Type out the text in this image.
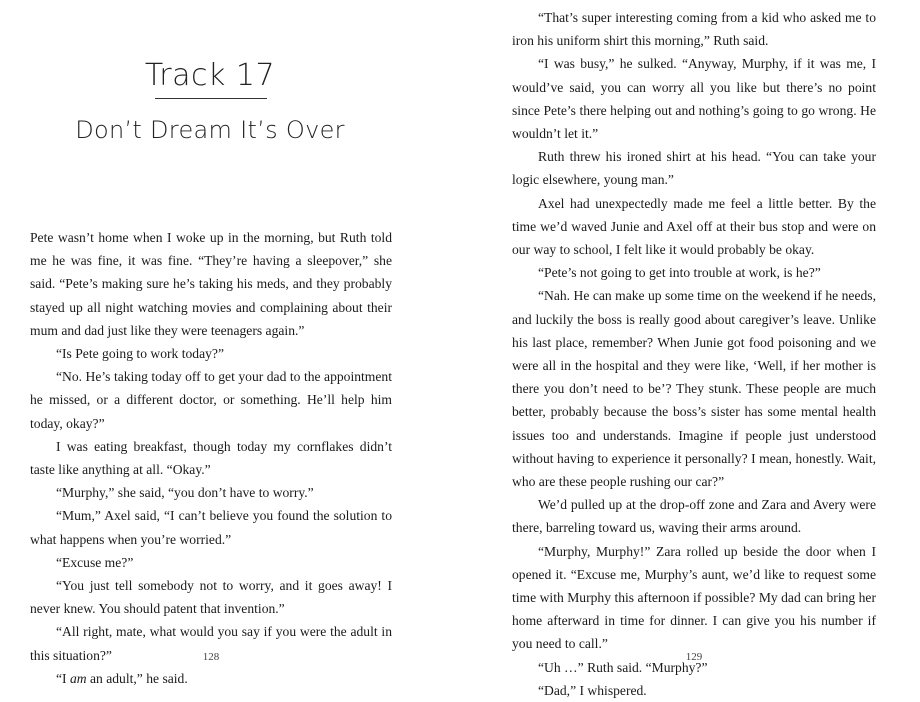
Track 17
Don’t Dream It’s Over

Pete wasn’t home when I woke up in the morning, but Ruth told me he was fine, it was fine. “They’re having a sleepover,” she said. “Pete’s making sure he’s taking his meds, and they probably stayed up all night watching movies and complaining about their mum and dad just like they were teenagers again.”

“Is Pete going to work today?”

“No. He’s taking today off to get your dad to the appointment he missed, or a different doctor, or something. He’ll help him today, okay?”

I was eating breakfast, though today my cornflakes didn’t taste like anything at all. “Okay.”

“Murphy,” she said, “you don’t have to worry.”

“Mum,” Axel said, “I can’t believe you found the solution to what happens when you’re worried.”

“Excuse me?”

“You just tell somebody not to worry, and it goes away! I never knew. You should patent that invention.”

“All right, mate, what would you say if you were the adult in this situation?”

“I am an adult,” he said.

128

“That’s super interesting coming from a kid who asked me to iron his uniform shirt this morning,” Ruth said.

“I was busy,” he sulked. “Anyway, Murphy, if it was me, I would’ve said, you can worry all you like but there’s no point since Pete’s there helping out and nothing’s going to go wrong. He wouldn’t let it.”

Ruth threw his ironed shirt at his head. “You can take your logic elsewhere, young man.”

Axel had unexpectedly made me feel a little better. By the time we’d waved Junie and Axel off at their bus stop and were on our way to school, I felt like it would probably be okay.

“Pete’s not going to get into trouble at work, is he?”

“Nah. He can make up some time on the weekend if he needs, and luckily the boss is really good about caregiver’s leave. Unlike his last place, remember? When Junie got food poisoning and we were all in the hospital and they were like, ‘Well, if her mother is there you don’t need to be’? They stunk. These people are much better, probably because the boss’s sister has some mental health issues too and understands. Imagine if people just understood without having to experience it personally? I mean, honestly. Wait, who are these people rushing our car?”

We’d pulled up at the drop-off zone and Zara and Avery were there, barreling toward us, waving their arms around.

“Murphy, Murphy!” Zara rolled up beside the door when I opened it. “Excuse me, Murphy’s aunt, we’d like to request some time with Murphy this afternoon if possible? My dad can bring her home afterward in time for dinner. I can give you his number if you need to call.”

“Uh …” Ruth said. “Murphy?”

“Dad,” I whispered.

129
